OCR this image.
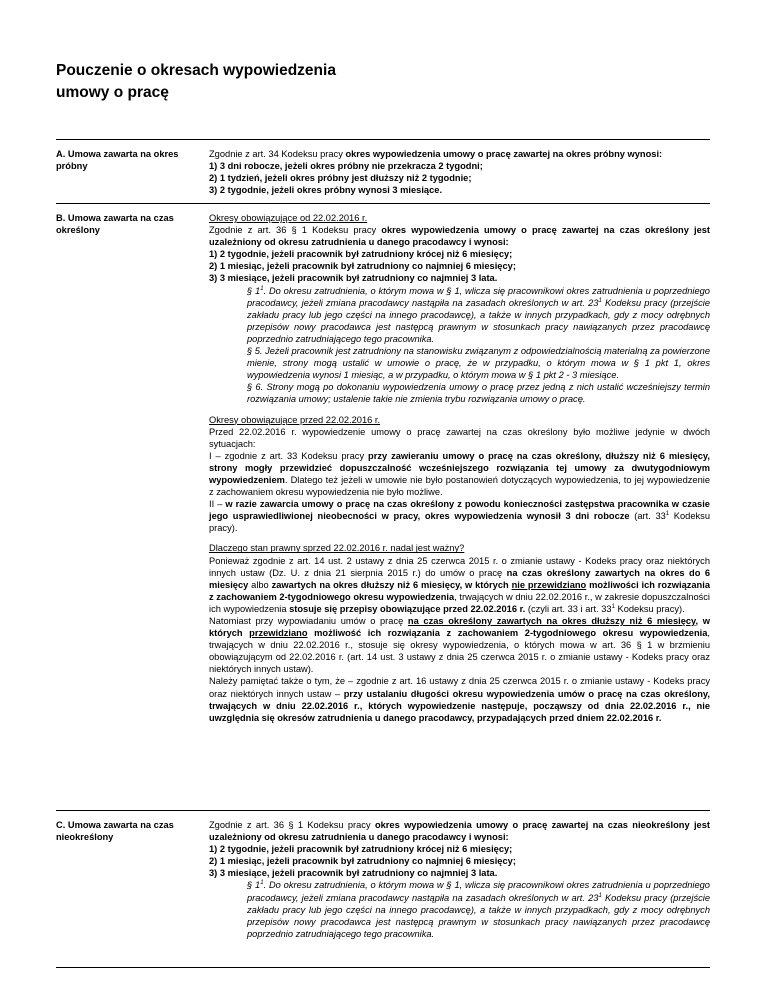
Pouczenie o okresach wypowiedzenia
umowy o pracę
A. Umowa zawarta na okres próbny

Zgodnie z art. 34 Kodeksu pracy okres wypowiedzenia umowy o pracę zawartej na okres próbny wynosi:

1) 3 dni robocze, jeżeli okres próbny nie przekracza 2 tygodni;

2) 1 tydzień, jeżeli okres próbny jest dłuższy niż 2 tygodnie;

3) 2 tygodnie, jeżeli okres próbny wynosi 3 miesiące.

B. Umowa zawarta na czas określony

Okresy obowiązujące od 22.02.2016 r.

Zgodnie z art. 36 § 1 Kodeksu pracy okres wypowiedzenia umowy o pracę zawartej na czas określony jest uzależniony od okresu zatrudnienia u danego pracodawcy i wynosi:

1) 2 tygodnie, jeżeli pracownik był zatrudniony krócej niż 6 miesięcy;

2) 1 miesiąc, jeżeli pracownik był zatrudniony co najmniej 6 miesięcy;

3) 3 miesiące, jeżeli pracownik był zatrudniony co najmniej 3 lata.

§ $1^1$. Do okresu zatrudnienia, o którym mowa w § 1, wlicza się pracownikowi okres zatrudnienia u poprzedniego pracodawcy, jeżeli zmiana pracodawcy nastąpiła na zasadach określonych w art. $23^1$ Kodeksu pracy (przejście zakładu pracy lub jego części na innego pracodawcę), a także w innych przypadkach, gdy z mocy odrębnych przepisów nowy pracodawca jest następcą prawnym w stosunkach pracy nawiązanych przez pracodawcę poprzednio zatrudniającego tego pracownika.

§ 5. Jeżeli pracownik jest zatrudniony na stanowisku związanym z odpowiedzialnością materialną za powierzone mienie, strony mogą ustalić w umowie o pracę, że w przypadku, o którym mowa w § 1 pkt 1, okres wypowiedzenia wynosi 1 miesiąc, a w przypadku, o którym mowa w § 1 pkt 2 - 3 miesiące.

§ 6. Strony mogą po dokonaniu wypowiedzenia umowy o pracę przez jedną z nich ustalić wcześniejszy termin rozwiązania umowy; ustalenie takie nie zmienia trybu rozwiązania umowy o pracę.

Okresy obowiązujące przed 22.02.2016 r.

Przed 22.02.2016 r. wypowiedzenie umowy o pracę zawartej na czas określony było możliwe jedynie w dwóch sytuacjach:

I – zgodnie z art. 33 Kodeksu pracy przy zawieraniu umowy o pracę na czas określony, dłuższy niż 6 miesięcy, strony mogły przewidzieć dopuszczalność wcześniejszego rozwiązania tej umowy za dwutygodniowym wypowiedzeniem. Dlatego też jeżeli w umowie nie było postanowień dotyczących wypowiedzenia, to jej wypowiedzenie z zachowaniem okresu wypowiedzenia nie było możliwe.

II – w razie zawarcia umowy o pracę na czas określony z powodu konieczności zastępstwa pracownika w czasie jego usprawiedliwionej nieobecności w pracy, okres wypowiedzenia wynosił 3 dni robocze (art. $33^1$ Kodeksu pracy).

Dlaczego stan prawny sprzed 22.02.2016 r. nadal jest ważny?

Ponieważ zgodnie z art. 14 ust. 2 ustawy z dnia 25 czerwca 2015 r. o zmianie ustawy - Kodeks pracy oraz niektórych innych ustaw (Dz. U. z dnia 21 sierpnia 2015 r.) do umów o pracę na czas określony zawartych na okres do 6 miesięcy albo zawartych na okres dłuższy niż 6 miesięcy, w których nie przewidziano możliwości ich rozwiązania z zachowaniem 2-tygodniowego okresu wypowiedzenia, trwających w dniu 22.02.2016 r., w zakresie dopuszczalności ich wypowiedzenia stosuje się przepisy obowiązujące przed 22.02.2016 r. (czyli art. 33 i art. $33^1$ Kodeksu pracy).

Natomiast przy wypowiadaniu umów o pracę na czas określony zawartych na okres dłuższy niż 6 miesięcy, w których przewidziano możliwość ich rozwiązania z zachowaniem 2-tygodniowego okresu wypowiedzenia, trwających w dniu 22.02.2016 r., stosuje się okresy wypowiedzenia, o których mowa w art. 36 § 1 w brzmieniu obowiązującym od 22.02.2016 r. (art. 14 ust. 3 ustawy z dnia 25 czerwca 2015 r. o zmianie ustawy - Kodeks pracy oraz niektórych innych ustaw).

Należy pamiętać także o tym, że – zgodnie z art. 16 ustawy z dnia 25 czerwca 2015 r. o zmianie ustawy - Kodeks pracy oraz niektórych innych ustaw – przy ustalaniu długości okresu wypowiedzenia umów o pracę na czas określony, trwających w dniu 22.02.2016 r., których wypowiedzenie następuje, począwszy od dnia 22.02.2016 r., nie uwzględnia się okresów zatrudnienia u danego pracodawcy, przypadających przed dniem 22.02.2016 r.

C. Umowa zawarta na czas nieokreślony

Zgodnie z art. 36 § 1 Kodeksu pracy okres wypowiedzenia umowy o pracę zawartej na czas nieokreślony jest uzależniony od okresu zatrudnienia u danego pracodawcy i wynosi:

1) 2 tygodnie, jeżeli pracownik był zatrudniony krócej niż 6 miesięcy;

2) 1 miesiąc, jeżeli pracownik był zatrudniony co najmniej 6 miesięcy;

3) 3 miesiące, jeżeli pracownik był zatrudniony co najmniej 3 lata.

§ $1^1$. Do okresu zatrudnienia, o którym mowa w § 1, wlicza się pracownikowi okres zatrudnienia u poprzedniego pracodawcy, jeżeli zmiana pracodawcy nastąpiła na zasadach określonych w art. $23^1$ Kodeksu pracy (przejście zakładu pracy lub jego części na innego pracodawcę), a także w innych przypadkach, gdy z mocy odrębnych przepisów nowy pracodawca jest następcą prawnym w stosunkach pracy nawiązanych przez pracodawcę poprzednio zatrudniającego tego pracownika.
